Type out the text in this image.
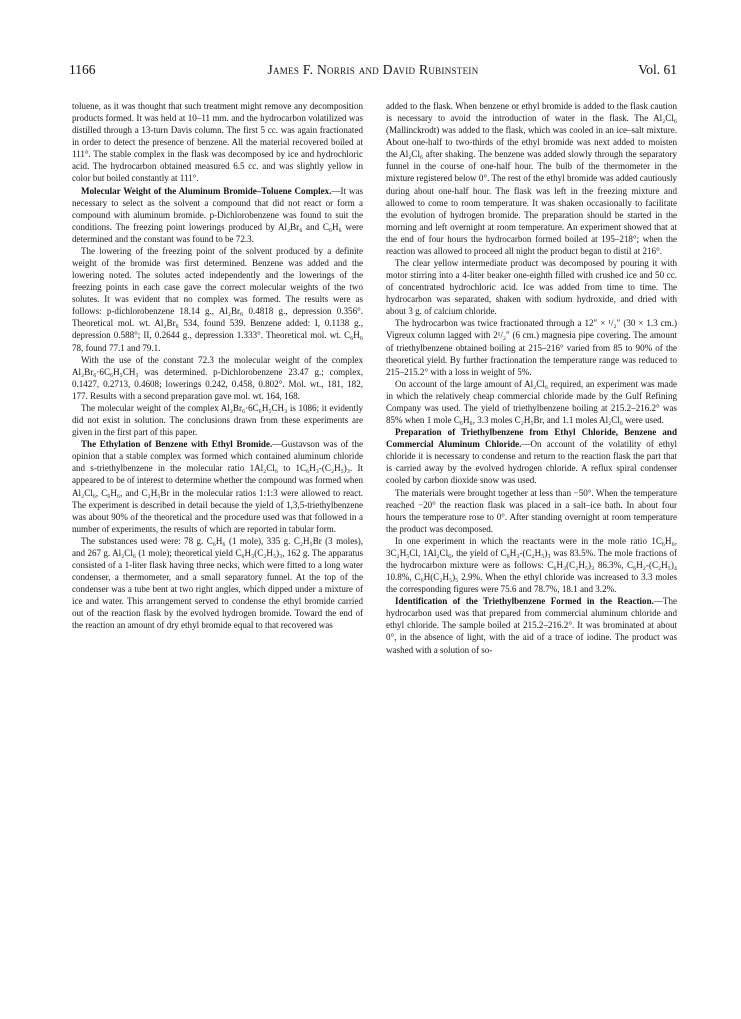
1166	James F. Norris and David Rubinstein	Vol. 61

toluene, as it was thought that such treatment might remove any decomposition products formed. It was held at 10–11 mm. and the hydrocarbon volatilized was distilled through a 13-turn Davis column. The first 5 cc. was again fractionated in order to detect the presence of benzene. All the material recovered boiled at 111°. The stable complex in the flask was decomposed by ice and hydrochloric acid. The hydrocarbon obtained measured 6.5 cc. and was slightly yellow in color but boiled constantly at 111°.

Molecular Weight of the Aluminum Bromide–Toluene Complex.—It was necessary to select as the solvent a compound that did not react or form a compound with aluminum bromide. p-Dichlorobenzene was found to suit the conditions. The freezing point lowerings produced by Al₂Br₆ and C₆H₆ were determined and the constant was found to be 72.3.

The lowering of the freezing point of the solvent produced by a definite weight of the bromide was first determined. Benzene was added and the lowering noted. The solutes acted independently and the lowerings of the freezing points in each case gave the correct molecular weights of the two solutes. It was evident that no complex was formed. The results were as follows: p-dichlorobenzene 18.14 g., Al₂Br₆ 0.4818 g., depression 0.356°. Theoretical mol. wt. Al₂Br₆ 534, found 539. Benzene added: I, 0.1138 g., depression 0.588°; II, 0.2644 g., depression 1.333°. Theoretical mol. wt. C₆H₆ 78, found 77.1 and 79.1.

With the use of the constant 72.3 the molecular weight of the complex Al₂Br₆·6C₆H₅CH₃ was determined. p-Dichlorobenzene 23.47 g.; complex, 0.1427, 0.2713, 0.4608; lowerings 0.242, 0.458, 0.802°. Mol. wt., 181, 182, 177. Results with a second preparation gave mol. wt. 164, 168.

The molecular weight of the complex Al₂Br₆·6C₆H₅CH₃ is 1086; it evidently did not exist in solution. The conclusions drawn from these experiments are given in the first part of this paper.

The Ethylation of Benzene with Ethyl Bromide.—Gustavson was of the opinion that a stable complex was formed which contained aluminum chloride and s-triethylbenzene in the molecular ratio 1Al₂Cl₆ to 1C₆H₃-(C₂H₅)₃. It appeared to be of interest to determine whether the compound was formed when Al₂Cl₆, C₆H₆, and C₂H₅Br in the molecular ratios 1:1:3 were allowed to react. The experiment is described in detail because the yield of 1,3,5-triethylbenzene was about 90% of the theoretical and the procedure used was that followed in a number of experiments, the results of which are reported in tabular form.

The substances used were: 78 g. C₆H₆ (1 mole), 335 g. C₂H₅Br (3 moles), and 267 g. Al₂Cl₆ (1 mole); theoretical yield C₆H₃(C₂H₅)₃, 162 g. The apparatus consisted of a 1-liter flask having three necks, which were fitted to a long water condenser, a thermometer, and a small separatory funnel. At the top of the condenser was a tube bent at two right angles, which dipped under a mixture of ice and water. This arrangement served to condense the ethyl bromide carried out of the reaction flask by the evolved hydrogen bromide. Toward the end of the reaction an amount of dry ethyl bromide equal to that recovered was

added to the flask. When benzene or ethyl bromide is added to the flask caution is necessary to avoid the introduction of water in the flask. The Al₂Cl₆ (Mallinckrodt) was added to the flask, which was cooled in an ice–salt mixture. About one-half to two-thirds of the ethyl bromide was next added to moisten the Al₂Cl₆ after shaking. The benzene was added slowly through the separatory funnel in the course of one-half hour. The bulb of the thermometer in the mixture registered below 0°. The rest of the ethyl bromide was added cautiously during about one-half hour. The flask was left in the freezing mixture and allowed to come to room temperature. It was shaken occasionally to facilitate the evolution of hydrogen bromide. The preparation should be started in the morning and left overnight at room temperature. An experiment showed that at the end of four hours the hydrocarbon formed boiled at 195–218°; when the reaction was allowed to proceed all night the product began to distil at 216°.

The clear yellow intermediate product was decomposed by pouring it with motor stirring into a 4-liter beaker one-eighth filled with crushed ice and 50 cc. of concentrated hydrochloric acid. Ice was added from time to time. The hydrocarbon was separated, shaken with sodium hydroxide, and dried with about 3 g. of calcium chloride.

The hydrocarbon was twice fractionated through a 12″ × ¹/₂″ (30 × 1.3 cm.) Vigreux column lagged with 2¹/₂″ (6 cm.) magnesia pipe covering. The amount of triethylbenzene obtained boiling at 215–216° varied from 85 to 90% of the theoretical yield. By further fractionation the temperature range was reduced to 215–215.2° with a loss in weight of 5%.

On account of the large amount of Al₂Cl₆ required, an experiment was made in which the relatively cheap commercial chloride made by the Gulf Refining Company was used. The yield of triethylbenzene boiling at 215.2–216.2° was 85% when 1 mole C₆H₆, 3.3 moles C₂H₅Br, and 1.1 moles Al₂Cl₆ were used.

Preparation of Triethylbenzene from Ethyl Chloride, Benzene and Commercial Aluminum Chloride.—On account of the volatility of ethyl chloride it is necessary to condense and return to the reaction flask the part that is carried away by the evolved hydrogen chloride. A reflux spiral condenser cooled by carbon dioxide snow was used.

The materials were brought together at less than −50°. When the temperature reached −20° the reaction flask was placed in a salt–ice bath. In about four hours the temperature rose to 0°. After standing overnight at room temperature the product was decomposed.

In one experiment in which the reactants were in the mole ratio 1C₆H₆, 3C₂H₅Cl, 1Al₂Cl₆, the yield of C₆H₃-(C₂H₅)₃ was 83.5%. The mole fractions of the hydrocarbon mixture were as follows: C₆H₃(C₂H₅)₃ 86.3%, C₆H₂-(C₂H₅)₄ 10.8%, C₆H(C₂H₅)₅ 2.9%. When the ethyl chloride was increased to 3.3 moles the corresponding figures were 75.6 and 78.7%, 18.1 and 3.2%.

Identification of the Triethylbenzene Formed in the Reaction.—The hydrocarbon used was that prepared from commercial aluminum chloride and ethyl chloride. The sample boiled at 215.2–216.2°. It was brominated at about 0°, in the absence of light, with the aid of a trace of iodine. The product was washed with a solution of so-
